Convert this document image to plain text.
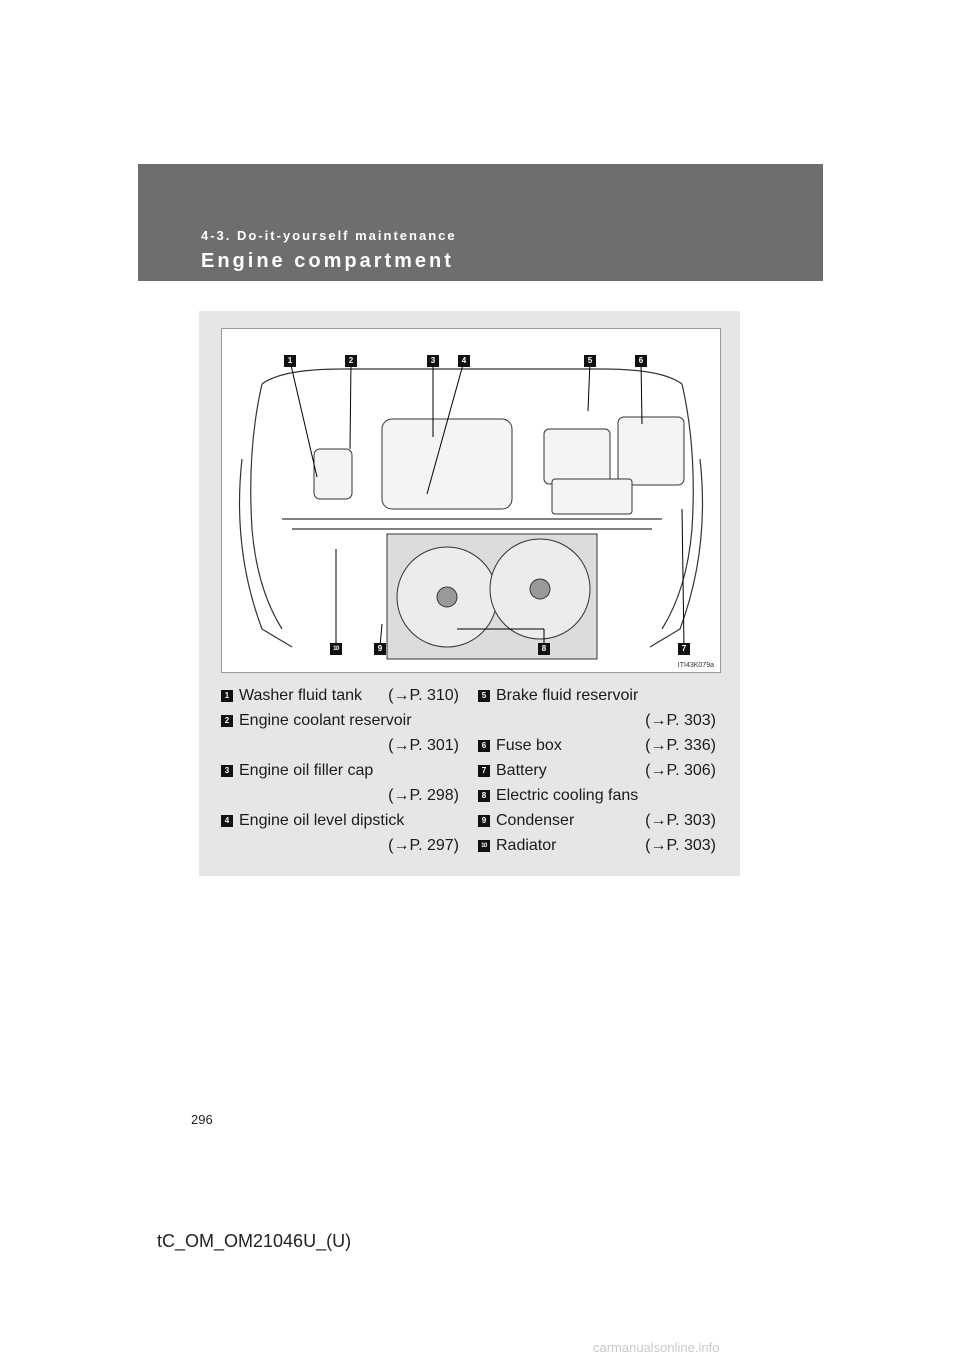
4-3. Do-it-yourself maintenance
Engine compartment
1	2	3	4	5	6
7
8
9
10
ITI43K079a
1 Washer fluid tank (→P. 310)
2 Engine coolant reservoir
(→P. 301)
3 Engine oil filler cap
(→P. 298)
4 Engine oil level dipstick
(→P. 297)
5 Brake fluid reservoir
(→P. 303)
6 Fuse box	(→P. 336)
7 Battery	(→P. 306)
8 Electric cooling fans
9 Condenser	(→P. 303)
10 Radiator	(→P. 303)
296
tC_OM_OM21046U_(U)
carmanualsonline.info
